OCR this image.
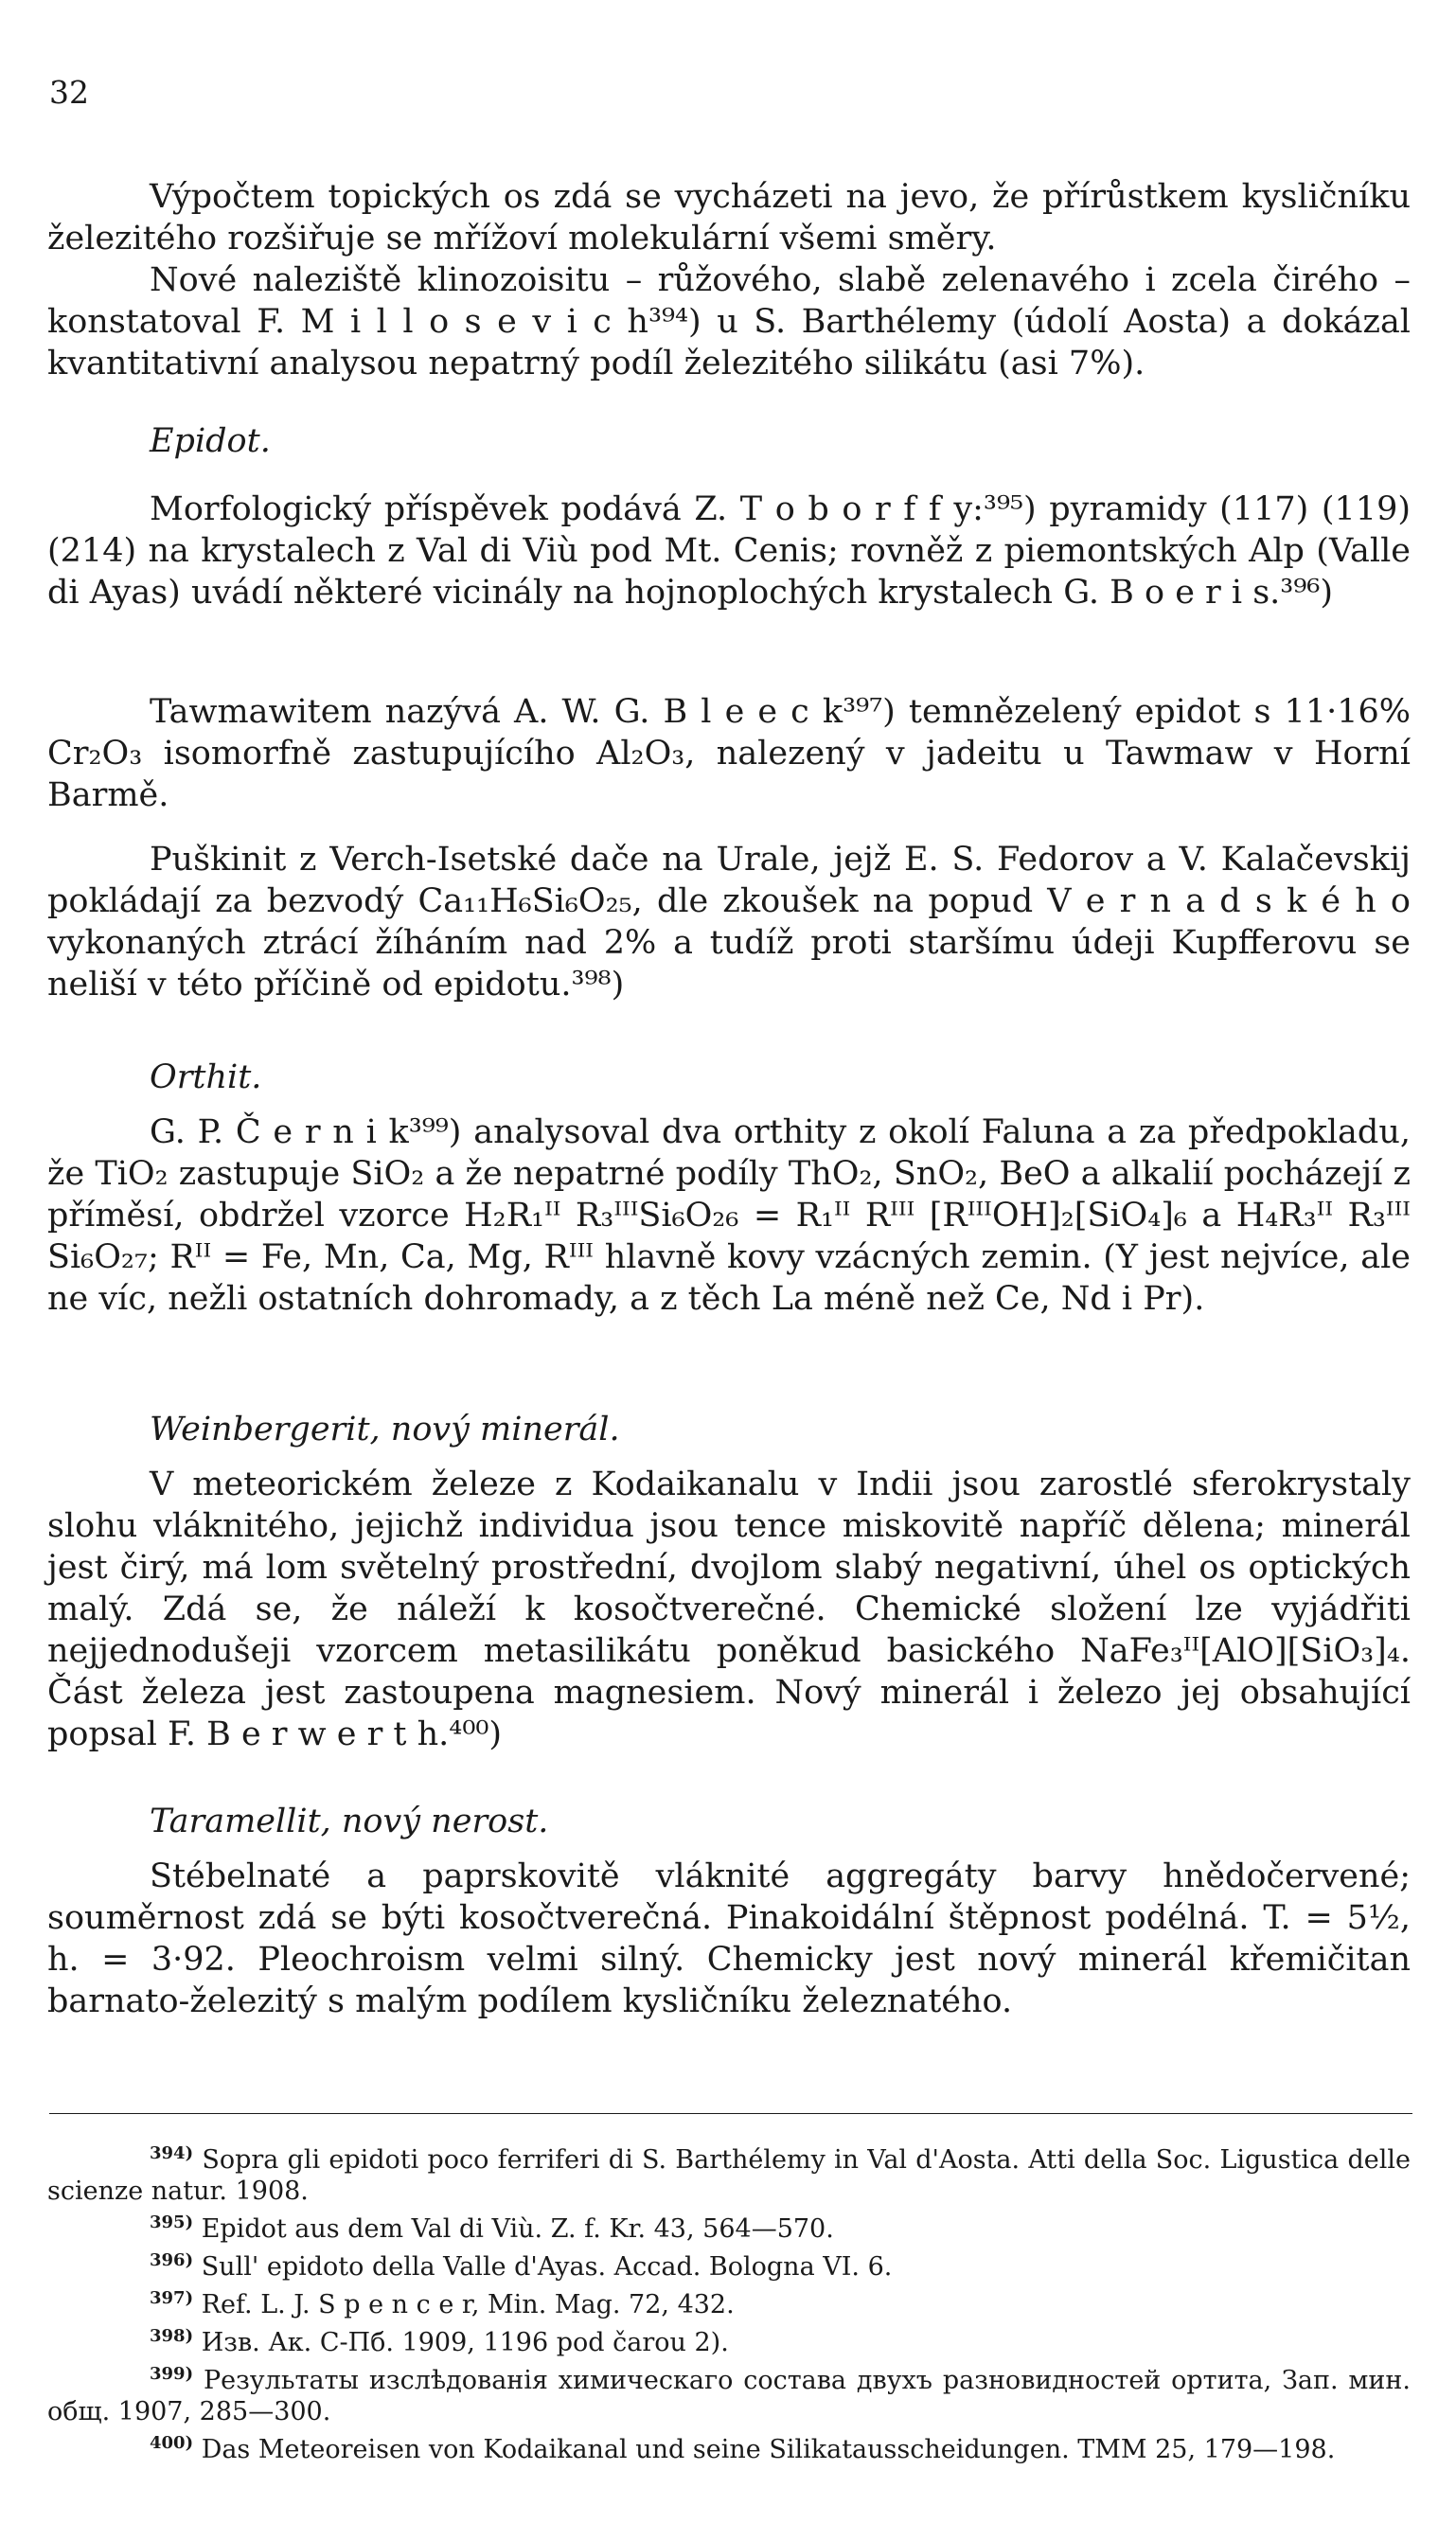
32
Výpočtem topických os zdá se vycházeti na jevo, že přírůstkem kysličníku železitého rozšiřuje se mřížoví molekulární všemi směry.
Nové naleziště klinozoisitu – růžového, slabě zelenavého i zcela čirého – konstatoval F. M i l l o s e v i c h³⁹⁴) u S. Barthélemy (údolí Aosta) a dokázal kvantitativní analysou nepatrný podíl železitého silikátu (asi 7%).
Epidot.
Morfologický příspěvek podává Z. T o b o r f f y:³⁹⁵) pyramidy (117) (119) (214) na krystalech z Val di Viù pod Mt. Cenis; rovněž z piemontských Alp (Valle di Ayas) uvádí některé vicinály na hojnoplochých krystalech G. B o e r i s.³⁹⁶)
Tawmawitem nazývá A. W. G. B l e e c k³⁹⁷) temnězelený epidot s 11·16% Cr₂O₃ isomorfně zastupujícího Al₂O₃, nalezený v jadeitu u Tawmaw v Horní Barmě.
Puškinit z Verch-Isetské dače na Urale, jejž E. S. Fedorov a V. Kalačevskij pokládají za bezvodý Ca₁₁H₆Si₆O₂₅, dle zkoušek na popud V e r n a d s k é h o vykonaných ztrácí žíháním nad 2% a tudíž proti staršímu údeji Kupfferovu se neliší v této příčině od epidotu.³⁹⁸)
Orthit.
G. P. Č e r n i k³⁹⁹) analysoval dva orthity z okolí Faluna a za předpokladu, že TiO₂ zastupuje SiO₂ a že nepatrné podíly ThO₂, SnO₂, BeO a alkalií pocházejí z příměsí, obdržel vzorce H₂R₁ᴵᴵ R₃ᴵᴵᴵSi₆O₂₆ = R₁ᴵᴵ Rᴵᴵᴵ [RᴵᴵᴵOH]₂[SiO₄]₆ a H₄R₃ᴵᴵ R₃ᴵᴵᴵ Si₆O₂₇; Rᴵᴵ = Fe, Mn, Ca, Mg, Rᴵᴵᴵ hlavně kovy vzácných zemin. (Y jest nejvíce, ale ne víc, nežli ostatních dohromady, a z těch La méně než Ce, Nd i Pr).
Weinbergerit, nový minerál.
V meteorickém železe z Kodaikanalu v Indii jsou zarostlé sferokrystaly slohu vláknitého, jejichž individua jsou tence miskovitě napříč dělena; minerál jest čirý, má lom světelný prostřední, dvojlom slabý negativní, úhel os optických malý. Zdá se, že náleží k kosočtverečné. Chemické složení lze vyjádřiti nejjednodušeji vzorcem metasilikátu poněkud basického NaFe₃ᴵᴵ[AlO][SiO₃]₄. Část železa jest zastoupena magnesiem. Nový minerál i železo jej obsahující popsal F. B e r w e r t h.⁴⁰⁰)
Taramellit, nový nerost.
Stébelnaté a paprskovitě vláknité aggregáty barvy hnědočervené; souměrnost zdá se býti kosočtverečná. Pinakoidální štěpnost podélná. T. = 5½, h. = 3·92. Pleochroism velmi silný. Chemicky jest nový minerál křemičitan barnato-železitý s malým podílem kysličníku železnatého.
$^{394)}$ Sopra gli epidoti poco ferriferi di S. Barthélemy in Val d'Aosta. Atti della Soc. Ligustica delle scienze natur. 1908.
$^{395)}$ Epidot aus dem Val di Viù. Z. f. Kr. 43, 564—570.
$^{396)}$ Sull' epidoto della Valle d'Ayas. Accad. Bologna VI. 6.
$^{397)}$ Ref. L. J. S p e n c e r, Min. Mag. 72, 432.
$^{398)}$ Изв. Ак. С-Пб. 1909, 1196 pod čarou 2).
$^{399)}$ Результаты изслѣдованія химическаго состава двухъ разновидностей ортита, Зап. мин. общ. 1907, 285—300.
$^{400)}$ Das Meteoreisen von Kodaikanal und seine Silikatausscheidungen. TMM 25, 179—198.
